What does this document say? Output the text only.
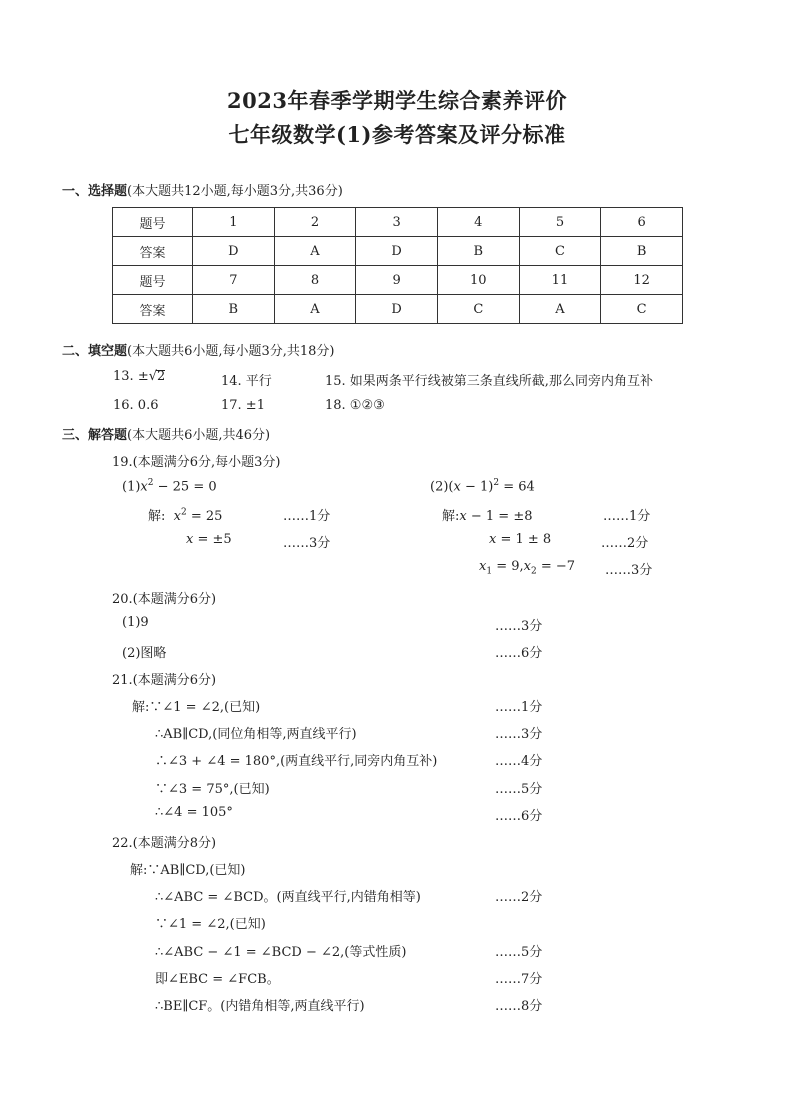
2023年春季学期学生综合素养评价
七年级数学(1)参考答案及评分标准
一、选择题(本大题共12小题,每小题3分,共36分)
题号	1	2	3	4	5	6
答案	D	A	D	B	C	B
题号	7	8	9	10	11	12
答案	B	A	D	C	A	C
二、填空题(本大题共6小题,每小题3分,共18分)
13. ±√2	14. 平行	15. 如果两条平行线被第三条直线所截,那么同旁内角互补
16. 0.6	17. ±1	18. ①②③
三、解答题(本大题共6小题,共46分)
19.(本题满分6分,每小题3分)
$(1)x^2 - 25 = 0$
解: $x^2 = 25$	……1分
x = ±5	……3分
$(2)(x - 1)^2 = 64$
解:x − 1 = ±8	……1分
x = 1 ± 8	……2分
$x_1 = 9,x_2 = -7$ ……3分
20.(本题满分6分)
(1)9	……3分
(2)图略	……6分
21.(本题满分6分)
解:∵∠1 = ∠2,(已知)	……1分
∴AB∥CD,(同位角相等,两直线平行)	……3分
∴∠3 + ∠4 = 180°,(两直线平行,同旁内角互补)	……4分
∵∠3 = 75°,(已知)	……5分
∴∠4 = 105°	……6分
22.(本题满分8分)
解:∵AB∥CD,(已知)
∴∠ABC = ∠BCD。(两直线平行,内错角相等)	……2分
∵∠1 = ∠2,(已知)
∴∠ABC − ∠1 = ∠BCD − ∠2,(等式性质)	……5分
即∠EBC = ∠FCB。	……7分
∴BE∥CF。(内错角相等,两直线平行)	……8分
